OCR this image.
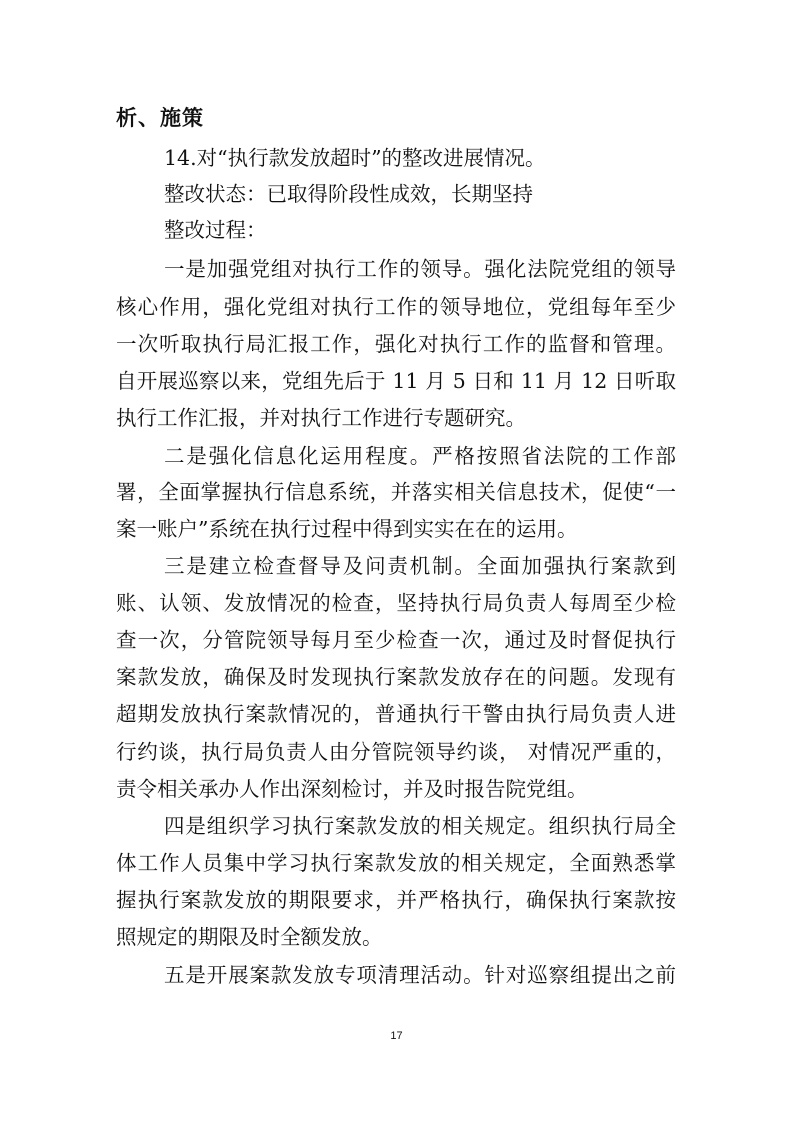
析、施策
14.对“执行款发放超时”的整改进展情况。
整改状态：已取得阶段性成效，长期坚持
整改过程：
一是加强党组对执行工作的领导。强化法院党组的领导
核心作用，强化党组对执行工作的领导地位，党组每年至少
一次听取执行局汇报工作，强化对执行工作的监督和管理。
自开展巡察以来，党组先后于 11 月 5 日和 11 月 12 日听取
执行工作汇报，并对执行工作进行专题研究。
二是强化信息化运用程度。严格按照省法院的工作部
署，全面掌握执行信息系统，并落实相关信息技术，促使“一
案一账户”系统在执行过程中得到实实在在的运用。
三是建立检查督导及问责机制。全面加强执行案款到
账、认领、发放情况的检查，坚持执行局负责人每周至少检
查一次，分管院领导每月至少检查一次，通过及时督促执行
案款发放，确保及时发现执行案款发放存在的问题。发现有
超期发放执行案款情况的，普通执行干警由执行局负责人进
行约谈，执行局负责人由分管院领导约谈， 对情况严重的，
责令相关承办人作出深刻检讨，并及时报告院党组。
四是组织学习执行案款发放的相关规定。组织执行局全
体工作人员集中学习执行案款发放的相关规定，全面熟悉掌
握执行案款发放的期限要求，并严格执行，确保执行案款按
照规定的期限及时全额发放。
五是开展案款发放专项清理活动。针对巡察组提出之前
17
